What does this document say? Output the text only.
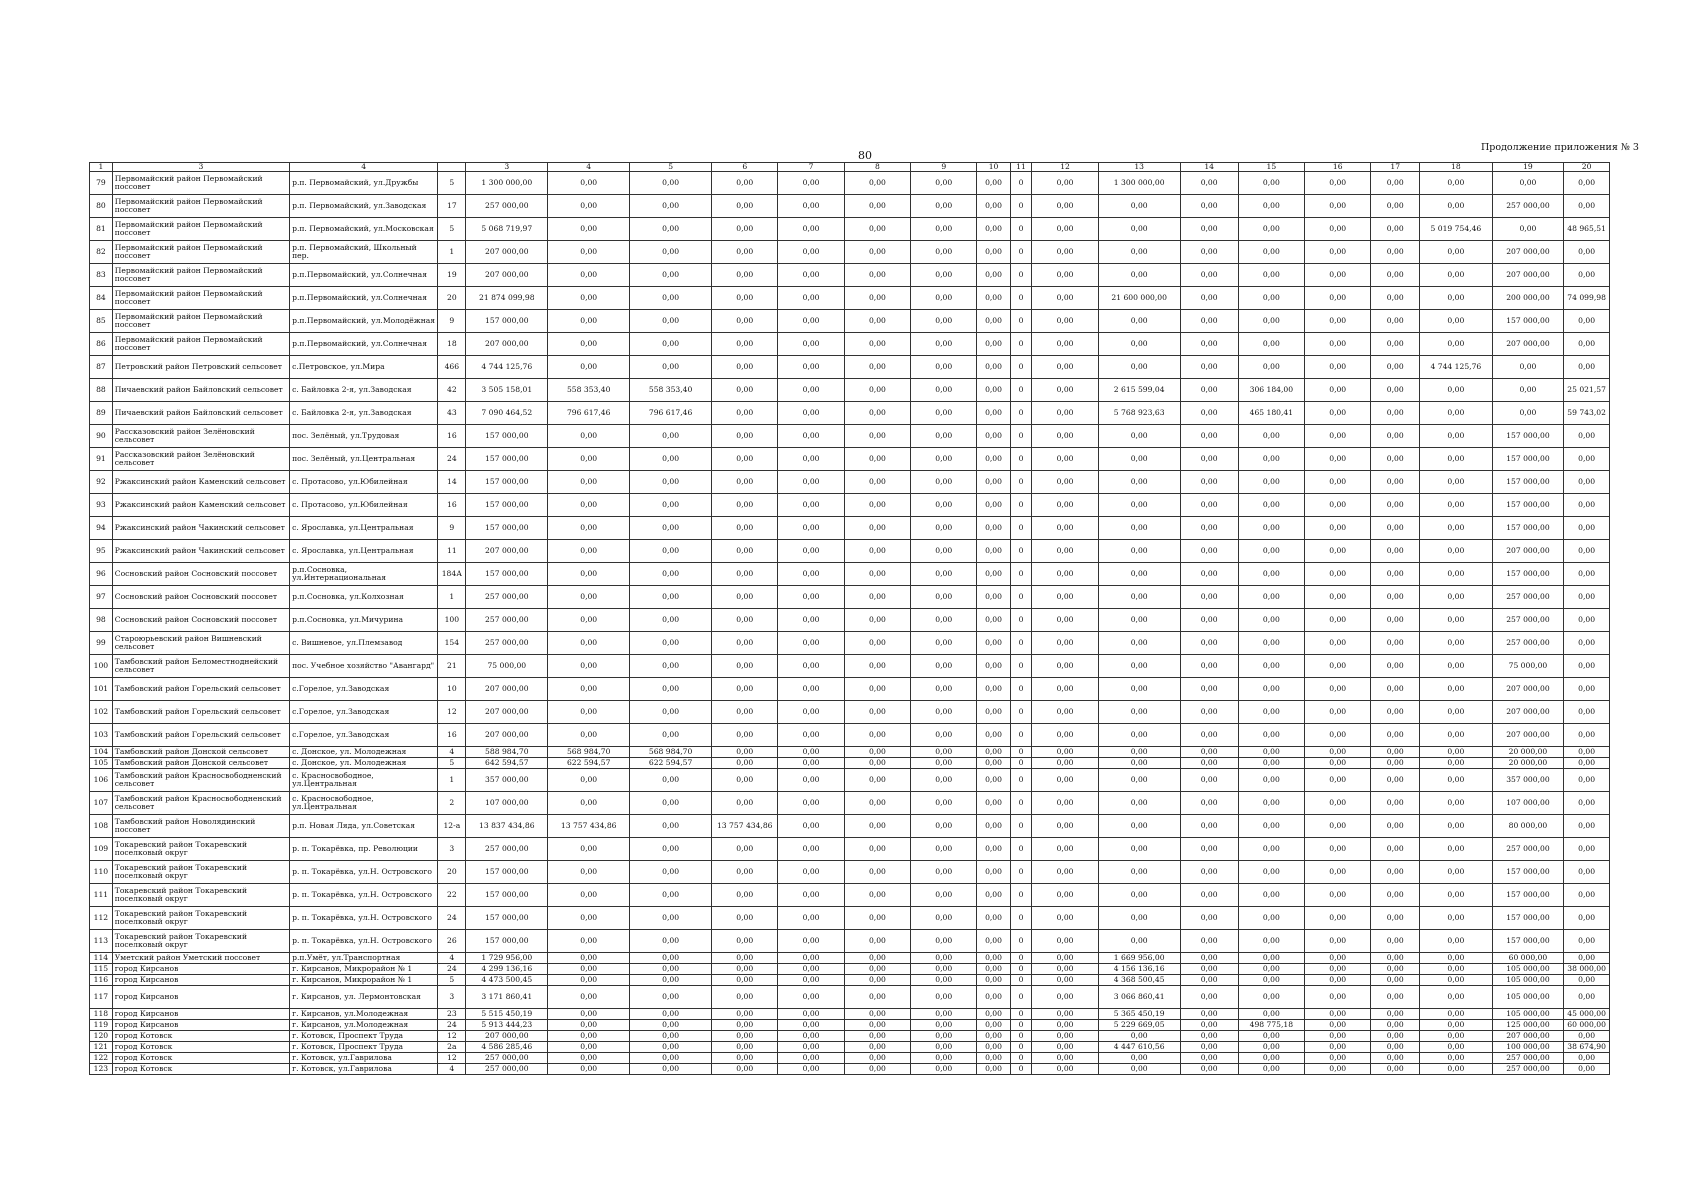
80
Продолжение приложения № 3
1	3	4		3	4	5	6	7	8	9	10	11	12	13	14	15	16	17	18	19	20
79	Первомайский район Первомайский поссовет	р.п. Первомайский, ул.Дружбы	5	1 300 000,00	0,00	0,00	0,00	0,00	0,00	0,00	0,00	0	0,00	1 300 000,00	0,00	0,00	0,00	0,00	0,00	0,00	0,00
80	Первомайский район Первомайский поссовет	р.п. Первомайский, ул.Заводская	17	257 000,00	0,00	0,00	0,00	0,00	0,00	0,00	0,00	0	0,00	0,00	0,00	0,00	0,00	0,00	0,00	257 000,00	0,00
81	Первомайский район Первомайский поссовет	р.п. Первомайский, ул.Московская	5	5 068 719,97	0,00	0,00	0,00	0,00	0,00	0,00	0,00	0	0,00	0,00	0,00	0,00	0,00	0,00	5 019 754,46	0,00	48 965,51
82	Первомайский район Первомайский поссовет	р.п. Первомайский, Школьный пер.	1	207 000,00	0,00	0,00	0,00	0,00	0,00	0,00	0,00	0	0,00	0,00	0,00	0,00	0,00	0,00	0,00	207 000,00	0,00
83	Первомайский район Первомайский поссовет	р.п.Первомайский, ул.Солнечная	19	207 000,00	0,00	0,00	0,00	0,00	0,00	0,00	0,00	0	0,00	0,00	0,00	0,00	0,00	0,00	0,00	207 000,00	0,00
84	Первомайский район Первомайский поссовет	р.п.Первомайский, ул.Солнечная	20	21 874 099,98	0,00	0,00	0,00	0,00	0,00	0,00	0,00	0	0,00	21 600 000,00	0,00	0,00	0,00	0,00	0,00	200 000,00	74 099,98
85	Первомайский район Первомайский поссовет	р.п.Первомайский, ул.Молодёжная	9	157 000,00	0,00	0,00	0,00	0,00	0,00	0,00	0,00	0	0,00	0,00	0,00	0,00	0,00	0,00	0,00	157 000,00	0,00
86	Первомайский район Первомайский поссовет	р.п.Первомайский, ул.Солнечная	18	207 000,00	0,00	0,00	0,00	0,00	0,00	0,00	0,00	0	0,00	0,00	0,00	0,00	0,00	0,00	0,00	207 000,00	0,00
87	Петровский район Петровский сельсовет	с.Петровское, ул.Мира	466	4 744 125,76	0,00	0,00	0,00	0,00	0,00	0,00	0,00	0	0,00	0,00	0,00	0,00	0,00	0,00	4 744 125,76	0,00	0,00
88	Пичаевский район Байловский сельсовет	с. Байловка 2-я, ул.Заводская	42	3 505 158,01	558 353,40	558 353,40	0,00	0,00	0,00	0,00	0,00	0	0,00	2 615 599,04	0,00	306 184,00	0,00	0,00	0,00	0,00	25 021,57
89	Пичаевский район Байловский сельсовет	с. Байловка 2-я, ул.Заводская	43	7 090 464,52	796 617,46	796 617,46	0,00	0,00	0,00	0,00	0,00	0	0,00	5 768 923,63	0,00	465 180,41	0,00	0,00	0,00	0,00	59 743,02
90	Рассказовский район Зелёновский сельсовет	пос. Зелёный, ул.Трудовая	16	157 000,00	0,00	0,00	0,00	0,00	0,00	0,00	0,00	0	0,00	0,00	0,00	0,00	0,00	0,00	0,00	157 000,00	0,00
91	Рассказовский район Зелёновский сельсовет	пос. Зелёный, ул.Центральная	24	157 000,00	0,00	0,00	0,00	0,00	0,00	0,00	0,00	0	0,00	0,00	0,00	0,00	0,00	0,00	0,00	157 000,00	0,00
92	Ржаксинский район Каменский сельсовет	с. Протасово, ул.Юбилейная	14	157 000,00	0,00	0,00	0,00	0,00	0,00	0,00	0,00	0	0,00	0,00	0,00	0,00	0,00	0,00	0,00	157 000,00	0,00
93	Ржаксинский район Каменский сельсовет	с. Протасово, ул.Юбилейная	16	157 000,00	0,00	0,00	0,00	0,00	0,00	0,00	0,00	0	0,00	0,00	0,00	0,00	0,00	0,00	0,00	157 000,00	0,00
94	Ржаксинский район Чакинский сельсовет	с. Ярославка, ул.Центральная	9	157 000,00	0,00	0,00	0,00	0,00	0,00	0,00	0,00	0	0,00	0,00	0,00	0,00	0,00	0,00	0,00	157 000,00	0,00
95	Ржаксинский район Чакинский сельсовет	с. Ярославка, ул.Центральная	11	207 000,00	0,00	0,00	0,00	0,00	0,00	0,00	0,00	0	0,00	0,00	0,00	0,00	0,00	0,00	0,00	207 000,00	0,00
96	Сосновский район Сосновский поссовет	р.п.Сосновка, ул.Интернациональная	184А	157 000,00	0,00	0,00	0,00	0,00	0,00	0,00	0,00	0	0,00	0,00	0,00	0,00	0,00	0,00	0,00	157 000,00	0,00
97	Сосновский район Сосновский поссовет	р.п.Сосновка, ул.Колхозная	1	257 000,00	0,00	0,00	0,00	0,00	0,00	0,00	0,00	0	0,00	0,00	0,00	0,00	0,00	0,00	0,00	257 000,00	0,00
98	Сосновский район Сосновский поссовет	р.п.Сосновка, ул.Мичурина	100	257 000,00	0,00	0,00	0,00	0,00	0,00	0,00	0,00	0	0,00	0,00	0,00	0,00	0,00	0,00	0,00	257 000,00	0,00
99	Староюрьевский район Вишневский сельсовет	с. Вишневое, ул.Племзавод	154	257 000,00	0,00	0,00	0,00	0,00	0,00	0,00	0,00	0	0,00	0,00	0,00	0,00	0,00	0,00	0,00	257 000,00	0,00
100	Тамбовский район Беломестноднейский сельсовет	пос. Учебное хозяйство "Авангард"	21	75 000,00	0,00	0,00	0,00	0,00	0,00	0,00	0,00	0	0,00	0,00	0,00	0,00	0,00	0,00	0,00	75 000,00	0,00
101	Тамбовский район Горельский сельсовет	с.Горелое, ул.Заводская	10	207 000,00	0,00	0,00	0,00	0,00	0,00	0,00	0,00	0	0,00	0,00	0,00	0,00	0,00	0,00	0,00	207 000,00	0,00
102	Тамбовский район Горельский сельсовет	с.Горелое, ул.Заводская	12	207 000,00	0,00	0,00	0,00	0,00	0,00	0,00	0,00	0	0,00	0,00	0,00	0,00	0,00	0,00	0,00	207 000,00	0,00
103	Тамбовский район Горельский сельсовет	с.Горелое, ул.Заводская	16	207 000,00	0,00	0,00	0,00	0,00	0,00	0,00	0,00	0	0,00	0,00	0,00	0,00	0,00	0,00	0,00	207 000,00	0,00
104	Тамбовский район Донской сельсовет	с. Донское, ул. Молодежная	4	588 984,70	568 984,70	568 984,70	0,00	0,00	0,00	0,00	0,00	0	0,00	0,00	0,00	0,00	0,00	0,00	0,00	20 000,00	0,00
105	Тамбовский район Донской сельсовет	с. Донское, ул. Молодежная	5	642 594,57	622 594,57	622 594,57	0,00	0,00	0,00	0,00	0,00	0	0,00	0,00	0,00	0,00	0,00	0,00	0,00	20 000,00	0,00
106	Тамбовский район Красносвободненский сельсовет	с. Красносвободное, ул.Центральная	1	357 000,00	0,00	0,00	0,00	0,00	0,00	0,00	0,00	0	0,00	0,00	0,00	0,00	0,00	0,00	0,00	357 000,00	0,00
107	Тамбовский район Красносвободненский сельсовет	с. Красносвободное, ул.Центральная	2	107 000,00	0,00	0,00	0,00	0,00	0,00	0,00	0,00	0	0,00	0,00	0,00	0,00	0,00	0,00	0,00	107 000,00	0,00
108	Тамбовский район Новолядинский поссовет	р.п. Новая Ляда, ул.Советская	12-а	13 837 434,86	13 757 434,86	0,00	13 757 434,86	0,00	0,00	0,00	0,00	0	0,00	0,00	0,00	0,00	0,00	0,00	0,00	80 000,00	0,00
109	Токаревский район Токаревский поселковый округ	р. п. Токарёвка, пр. Революции	3	257 000,00	0,00	0,00	0,00	0,00	0,00	0,00	0,00	0	0,00	0,00	0,00	0,00	0,00	0,00	0,00	257 000,00	0,00
110	Токаревский район Токаревский поселковый округ	р. п. Токарёвка, ул.Н. Островского	20	157 000,00	0,00	0,00	0,00	0,00	0,00	0,00	0,00	0	0,00	0,00	0,00	0,00	0,00	0,00	0,00	157 000,00	0,00
111	Токаревский район Токаревский поселковый округ	р. п. Токарёвка, ул.Н. Островского	22	157 000,00	0,00	0,00	0,00	0,00	0,00	0,00	0,00	0	0,00	0,00	0,00	0,00	0,00	0,00	0,00	157 000,00	0,00
112	Токаревский район Токаревский поселковый округ	р. п. Токарёвка, ул.Н. Островского	24	157 000,00	0,00	0,00	0,00	0,00	0,00	0,00	0,00	0	0,00	0,00	0,00	0,00	0,00	0,00	0,00	157 000,00	0,00
113	Токаревский район Токаревский поселковый округ	р. п. Токарёвка, ул.Н. Островского	26	157 000,00	0,00	0,00	0,00	0,00	0,00	0,00	0,00	0	0,00	0,00	0,00	0,00	0,00	0,00	0,00	157 000,00	0,00
114	Уметский район Уметский поссовет	р.п.Умёт, ул.Транспортная	4	1 729 956,00	0,00	0,00	0,00	0,00	0,00	0,00	0,00	0	0,00	1 669 956,00	0,00	0,00	0,00	0,00	0,00	60 000,00	0,00
115	город Кирсанов	г. Кирсанов, Микрорайон № 1	24	4 299 136,16	0,00	0,00	0,00	0,00	0,00	0,00	0,00	0	0,00	4 156 136,16	0,00	0,00	0,00	0,00	0,00	105 000,00	38 000,00
116	город Кирсанов	г. Кирсанов, Микрорайон № 1	5	4 473 500,45	0,00	0,00	0,00	0,00	0,00	0,00	0,00	0	0,00	4 368 500,45	0,00	0,00	0,00	0,00	0,00	105 000,00	0,00
117	город Кирсанов	г. Кирсанов, ул. Лермонтовская	3	3 171 860,41	0,00	0,00	0,00	0,00	0,00	0,00	0,00	0	0,00	3 066 860,41	0,00	0,00	0,00	0,00	0,00	105 000,00	0,00
118	город Кирсанов	г. Кирсанов, ул.Молодежная	23	5 515 450,19	0,00	0,00	0,00	0,00	0,00	0,00	0,00	0	0,00	5 365 450,19	0,00	0,00	0,00	0,00	0,00	105 000,00	45 000,00
119	город Кирсанов	г. Кирсанов, ул.Молодежная	24	5 913 444,23	0,00	0,00	0,00	0,00	0,00	0,00	0,00	0	0,00	5 229 669,05	0,00	498 775,18	0,00	0,00	0,00	125 000,00	60 000,00
120	город Котовск	г. Котовск, Проспект Труда	12	207 000,00	0,00	0,00	0,00	0,00	0,00	0,00	0,00	0	0,00	0,00	0,00	0,00	0,00	0,00	0,00	207 000,00	0,00
121	город Котовск	г. Котовск, Проспект Труда	2а	4 586 285,46	0,00	0,00	0,00	0,00	0,00	0,00	0,00	0	0,00	4 447 610,56	0,00	0,00	0,00	0,00	0,00	100 000,00	38 674,90
122	город Котовск	г. Котовск, ул.Гаврилова	12	257 000,00	0,00	0,00	0,00	0,00	0,00	0,00	0,00	0	0,00	0,00	0,00	0,00	0,00	0,00	0,00	257 000,00	0,00
123	город Котовск	г. Котовск, ул.Гаврилова	4	257 000,00	0,00	0,00	0,00	0,00	0,00	0,00	0,00	0	0,00	0,00	0,00	0,00	0,00	0,00	0,00	257 000,00	0,00
